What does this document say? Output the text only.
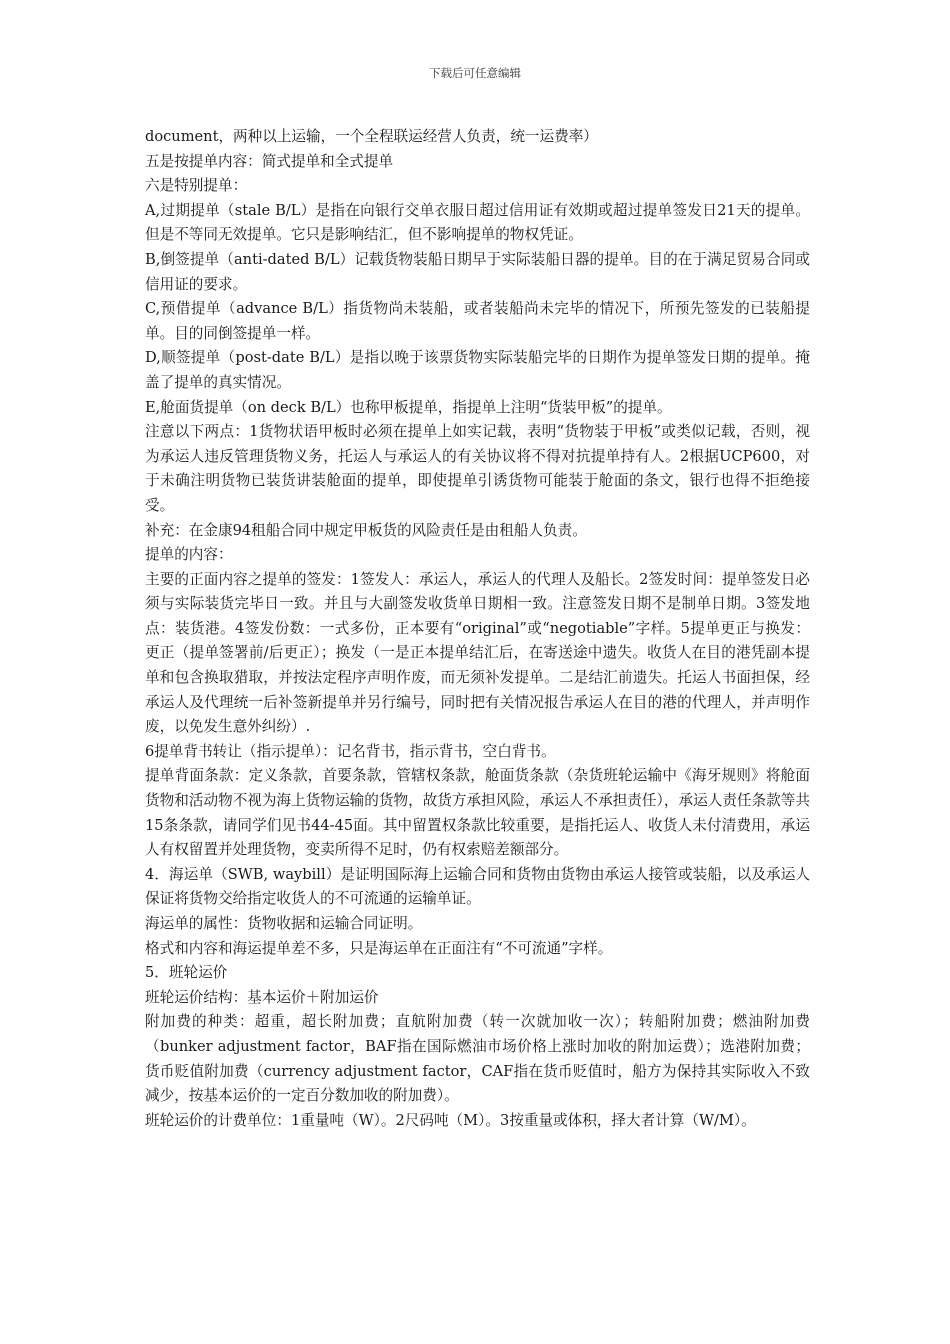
下载后可任意编辑

document，两种以上运输，一个全程联运经营人负责，统一运费率）

五是按提单内容：简式提单和全式提单

六是特别提单：

A,过期提单（stale B/L）是指在向银行交单衣服日超过信用证有效期或超过提单签发日21天的提单。但是不等同无效提单。它只是影响结汇，但不影响提单的物权凭证。

B,倒签提单（anti-dated B/L）记载货物装船日期早于实际装船日器的提单。目的在于满足贸易合同或信用证的要求。

C,预借提单（advance B/L）指货物尚未装船，或者装船尚未完毕的情况下，所预先签发的已装船提单。目的同倒签提单一样。

D,顺签提单（post-date B/L）是指以晚于该票货物实际装船完毕的日期作为提单签发日期的提单。掩盖了提单的真实情况。

E,舱面货提单（on deck B/L）也称甲板提单，指提单上注明“货装甲板”的提单。

注意以下两点：1货物状语甲板时必须在提单上如实记载，表明“货物装于甲板”或类似记载，否则，视为承运人违反管理货物义务，托运人与承运人的有关协议将不得对抗提单持有人。2根据UCP600，对于未确注明货物已装货讲装舱面的提单，即使提单引诱货物可能装于舱面的条文，银行也得不拒绝接受。

补充：在金康94租船合同中规定甲板货的风险责任是由租船人负责。

提单的内容：

主要的正面内容之提单的签发：1签发人：承运人，承运人的代理人及船长。2签发时间：提单签发日必须与实际装货完毕日一致。并且与大副签发收货单日期相一致。注意签发日期不是制单日期。3签发地点：装货港。4签发份数：一式多份，正本要有“original”或“negotiable”字样。5提单更正与换发：更正（提单签署前/后更正）；换发（一是正本提单结汇后，在寄送途中遗失。收货人在目的港凭副本提单和包含换取猎取，并按法定程序声明作废，而无须补发提单。二是结汇前遗失。托运人书面担保，经承运人及代理统一后补签新提单并另行编号，同时把有关情况报告承运人在目的港的代理人，并声明作废，以免发生意外纠纷）.

6提单背书转让（指示提单）：记名背书，指示背书，空白背书。

提单背面条款：定义条款，首要条款，管辖权条款，舱面货条款（杂货班轮运输中《海牙规则》将舱面货物和活动物不视为海上货物运输的货物，故货方承担风险，承运人不承担责任），承运人责任条款等共15条条款，请同学们见书44-45面。其中留置权条款比较重要，是指托运人、收货人未付清费用，承运人有权留置并处理货物，变卖所得不足时，仍有权索赔差额部分。

4．海运单（SWB, waybill）是证明国际海上运输合同和货物由货物由承运人接管或装船，以及承运人保证将货物交给指定收货人的不可流通的运输单证。

海运单的属性：货物收据和运输合同证明。

格式和内容和海运提单差不多，只是海运单在正面注有“不可流通”字样。

5．班轮运价

班轮运价结构：基本运价＋附加运价

附加费的种类：超重，超长附加费；直航附加费（转一次就加收一次）；转船附加费；燃油附加费（bunker adjustment factor，BAF指在国际燃油市场价格上涨时加收的附加运费）；选港附加费；货币贬值附加费（currency adjustment factor，CAF指在货币贬值时，船方为保持其实际收入不致减少，按基本运价的一定百分数加收的附加费）。

班轮运价的计费单位：1重量吨（W）。2尺码吨（M）。3按重量或体积，择大者计算（W/M）。
